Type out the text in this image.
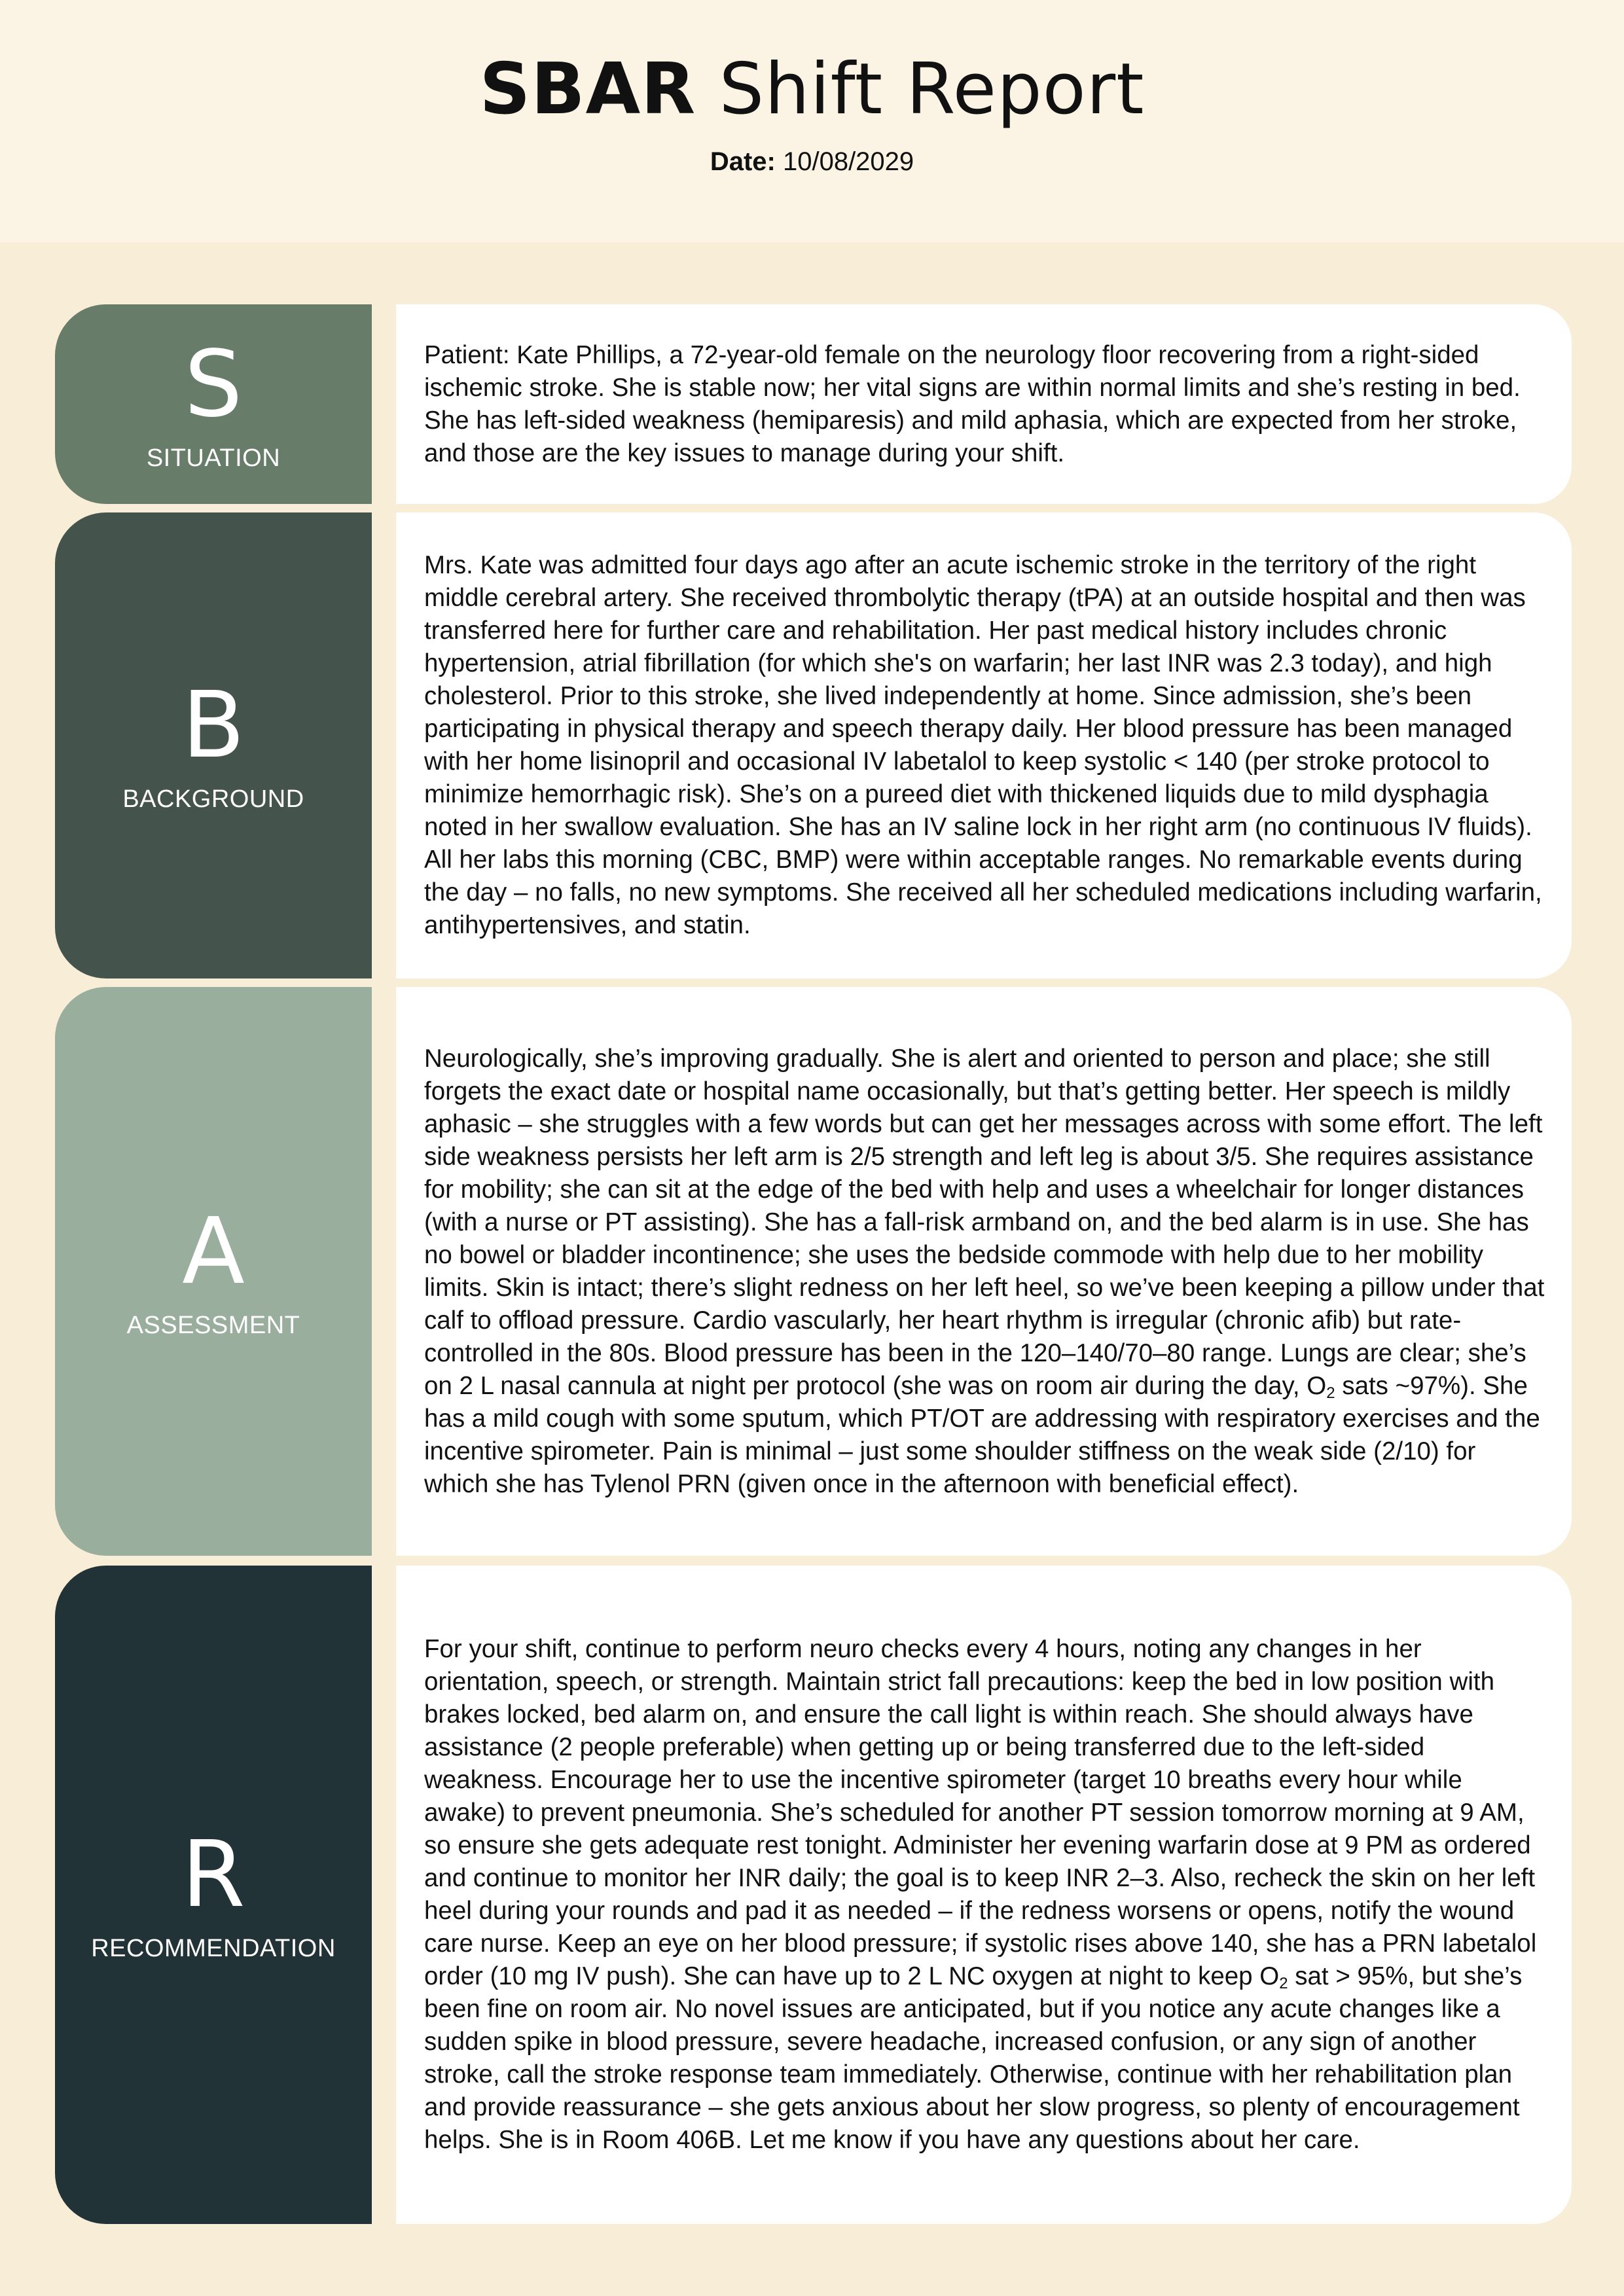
SBAR Shift Report
Date: 10/08/2029
S
SITUATION

Patient: Kate Phillips, a 72-year-old female on the neurology floor recovering from a right-sided ischemic stroke. She is stable now; her vital signs are within normal limits and she’s resting in bed. She has left-sided weakness (hemiparesis) and mild aphasia, which are expected from her stroke, and those are the key issues to manage during your shift.

B
BACKGROUND

Mrs. Kate was admitted four days ago after an acute ischemic stroke in the territory of the right middle cerebral artery. She received thrombolytic therapy (tPA) at an outside hospital and then was transferred here for further care and rehabilitation. Her past medical history includes chronic hypertension, atrial fibrillation (for which she's on warfarin; her last INR was 2.3 today), and high cholesterol. Prior to this stroke, she lived independently at home. Since admission, she’s been participating in physical therapy and speech therapy daily. Her blood pressure has been managed with her home lisinopril and occasional IV labetalol to keep systolic < 140 (per stroke protocol to minimize hemorrhagic risk). She’s on a pureed diet with thickened liquids due to mild dysphagia noted in her swallow evaluation. She has an IV saline lock in her right arm (no continuous IV fluids). All her labs this morning (CBC, BMP) were within acceptable ranges. No remarkable events during the day – no falls, no new symptoms. She received all her scheduled medications including warfarin, antihypertensives, and statin.

A
ASSESSMENT

Neurologically, she’s improving gradually. She is alert and oriented to person and place; she still forgets the exact date or hospital name occasionally, but that’s getting better. Her speech is mildly aphasic – she struggles with a few words but can get her messages across with some effort. The left side weakness persists her left arm is 2/5 strength and left leg is about 3/5. She requires assistance for mobility; she can sit at the edge of the bed with help and uses a wheelchair for longer distances (with a nurse or PT assisting). She has a fall-risk armband on, and the bed alarm is in use. She has no bowel or bladder incontinence; she uses the bedside commode with help due to her mobility limits. Skin is intact; there’s slight redness on her left heel, so we’ve been keeping a pillow under that calf to offload pressure. Cardio vascularly, her heart rhythm is irregular (chronic afib) but rate-controlled in the 80s. Blood pressure has been in the 120–140/70–80 range. Lungs are clear; she’s on 2 L nasal cannula at night per protocol (she was on room air during the day, $O_2$ sats ~97%). She has a mild cough with some sputum, which PT/OT are addressing with respiratory exercises and the incentive spirometer. Pain is minimal – just some shoulder stiffness on the weak side (2/10) for which she has Tylenol PRN (given once in the afternoon with beneficial effect).

R
RECOMMENDATION

For your shift, continue to perform neuro checks every 4 hours, noting any changes in her orientation, speech, or strength. Maintain strict fall precautions: keep the bed in low position with brakes locked, bed alarm on, and ensure the call light is within reach. She should always have assistance (2 people preferable) when getting up or being transferred due to the left-sided weakness. Encourage her to use the incentive spirometer (target 10 breaths every hour while awake) to prevent pneumonia. She’s scheduled for another PT session tomorrow morning at 9 AM, so ensure she gets adequate rest tonight. Administer her evening warfarin dose at 9 PM as ordered and continue to monitor her INR daily; the goal is to keep INR 2–3. Also, recheck the skin on her left heel during your rounds and pad it as needed – if the redness worsens or opens, notify the wound care nurse. Keep an eye on her blood pressure; if systolic rises above 140, she has a PRN labetalol order (10 mg IV push). She can have up to 2 L NC oxygen at night to keep $O_2$ sat > 95%, but she’s been fine on room air. No novel issues are anticipated, but if you notice any acute changes like a sudden spike in blood pressure, severe headache, increased confusion, or any sign of another stroke, call the stroke response team immediately. Otherwise, continue with her rehabilitation plan and provide reassurance – she gets anxious about her slow progress, so plenty of encouragement helps. She is in Room 406B. Let me know if you have any questions about her care.
